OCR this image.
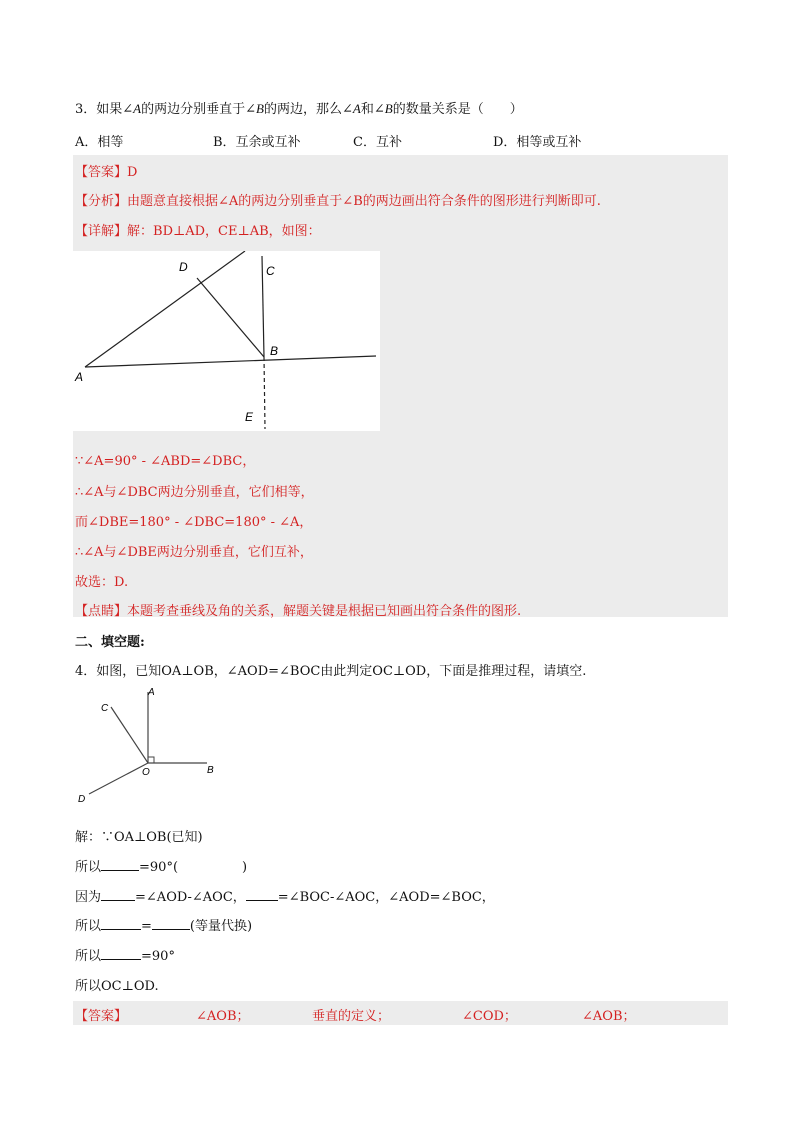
3．如果∠A的两边分别垂直于∠B的两边，那么∠A和∠B的数量关系是（　　）
A．相等	B．互余或互补	C．互补	D．相等或互补
【答案】D
【分析】由题意直接根据∠A的两边分别垂直于∠B的两边画出符合条件的图形进行判断即可.
【详解】解：BD⊥AD，CE⊥AB，如图：
D	C
B
A
E
∵∠A=90° - ∠ABD=∠DBC，
∴∠A与∠DBC两边分别垂直，它们相等，
而∠DBE=180° - ∠DBC=180° - ∠A，
∴∠A与∠DBE两边分别垂直，它们互补，
故选：D.
【点睛】本题考查垂线及角的关系，解题关键是根据已知画出符合条件的图形.
二、填空题:
4．如图，已知OA⊥OB，∠AOD=∠BOC由此判定OC⊥OD，下面是推理过程，请填空.
A
C
O	B
D
解：∵OA⊥OB(已知)
所以	=90°(	)
因为	=∠AOD-∠AOC， =∠BOC-∠AOC，∠AOD=∠BOC，
所以	=	(等量代换)
所以	=90°
所以OC⊥OD.
【答案】	∠AOB；	垂直的定义；	∠COD；	∠AOB；
